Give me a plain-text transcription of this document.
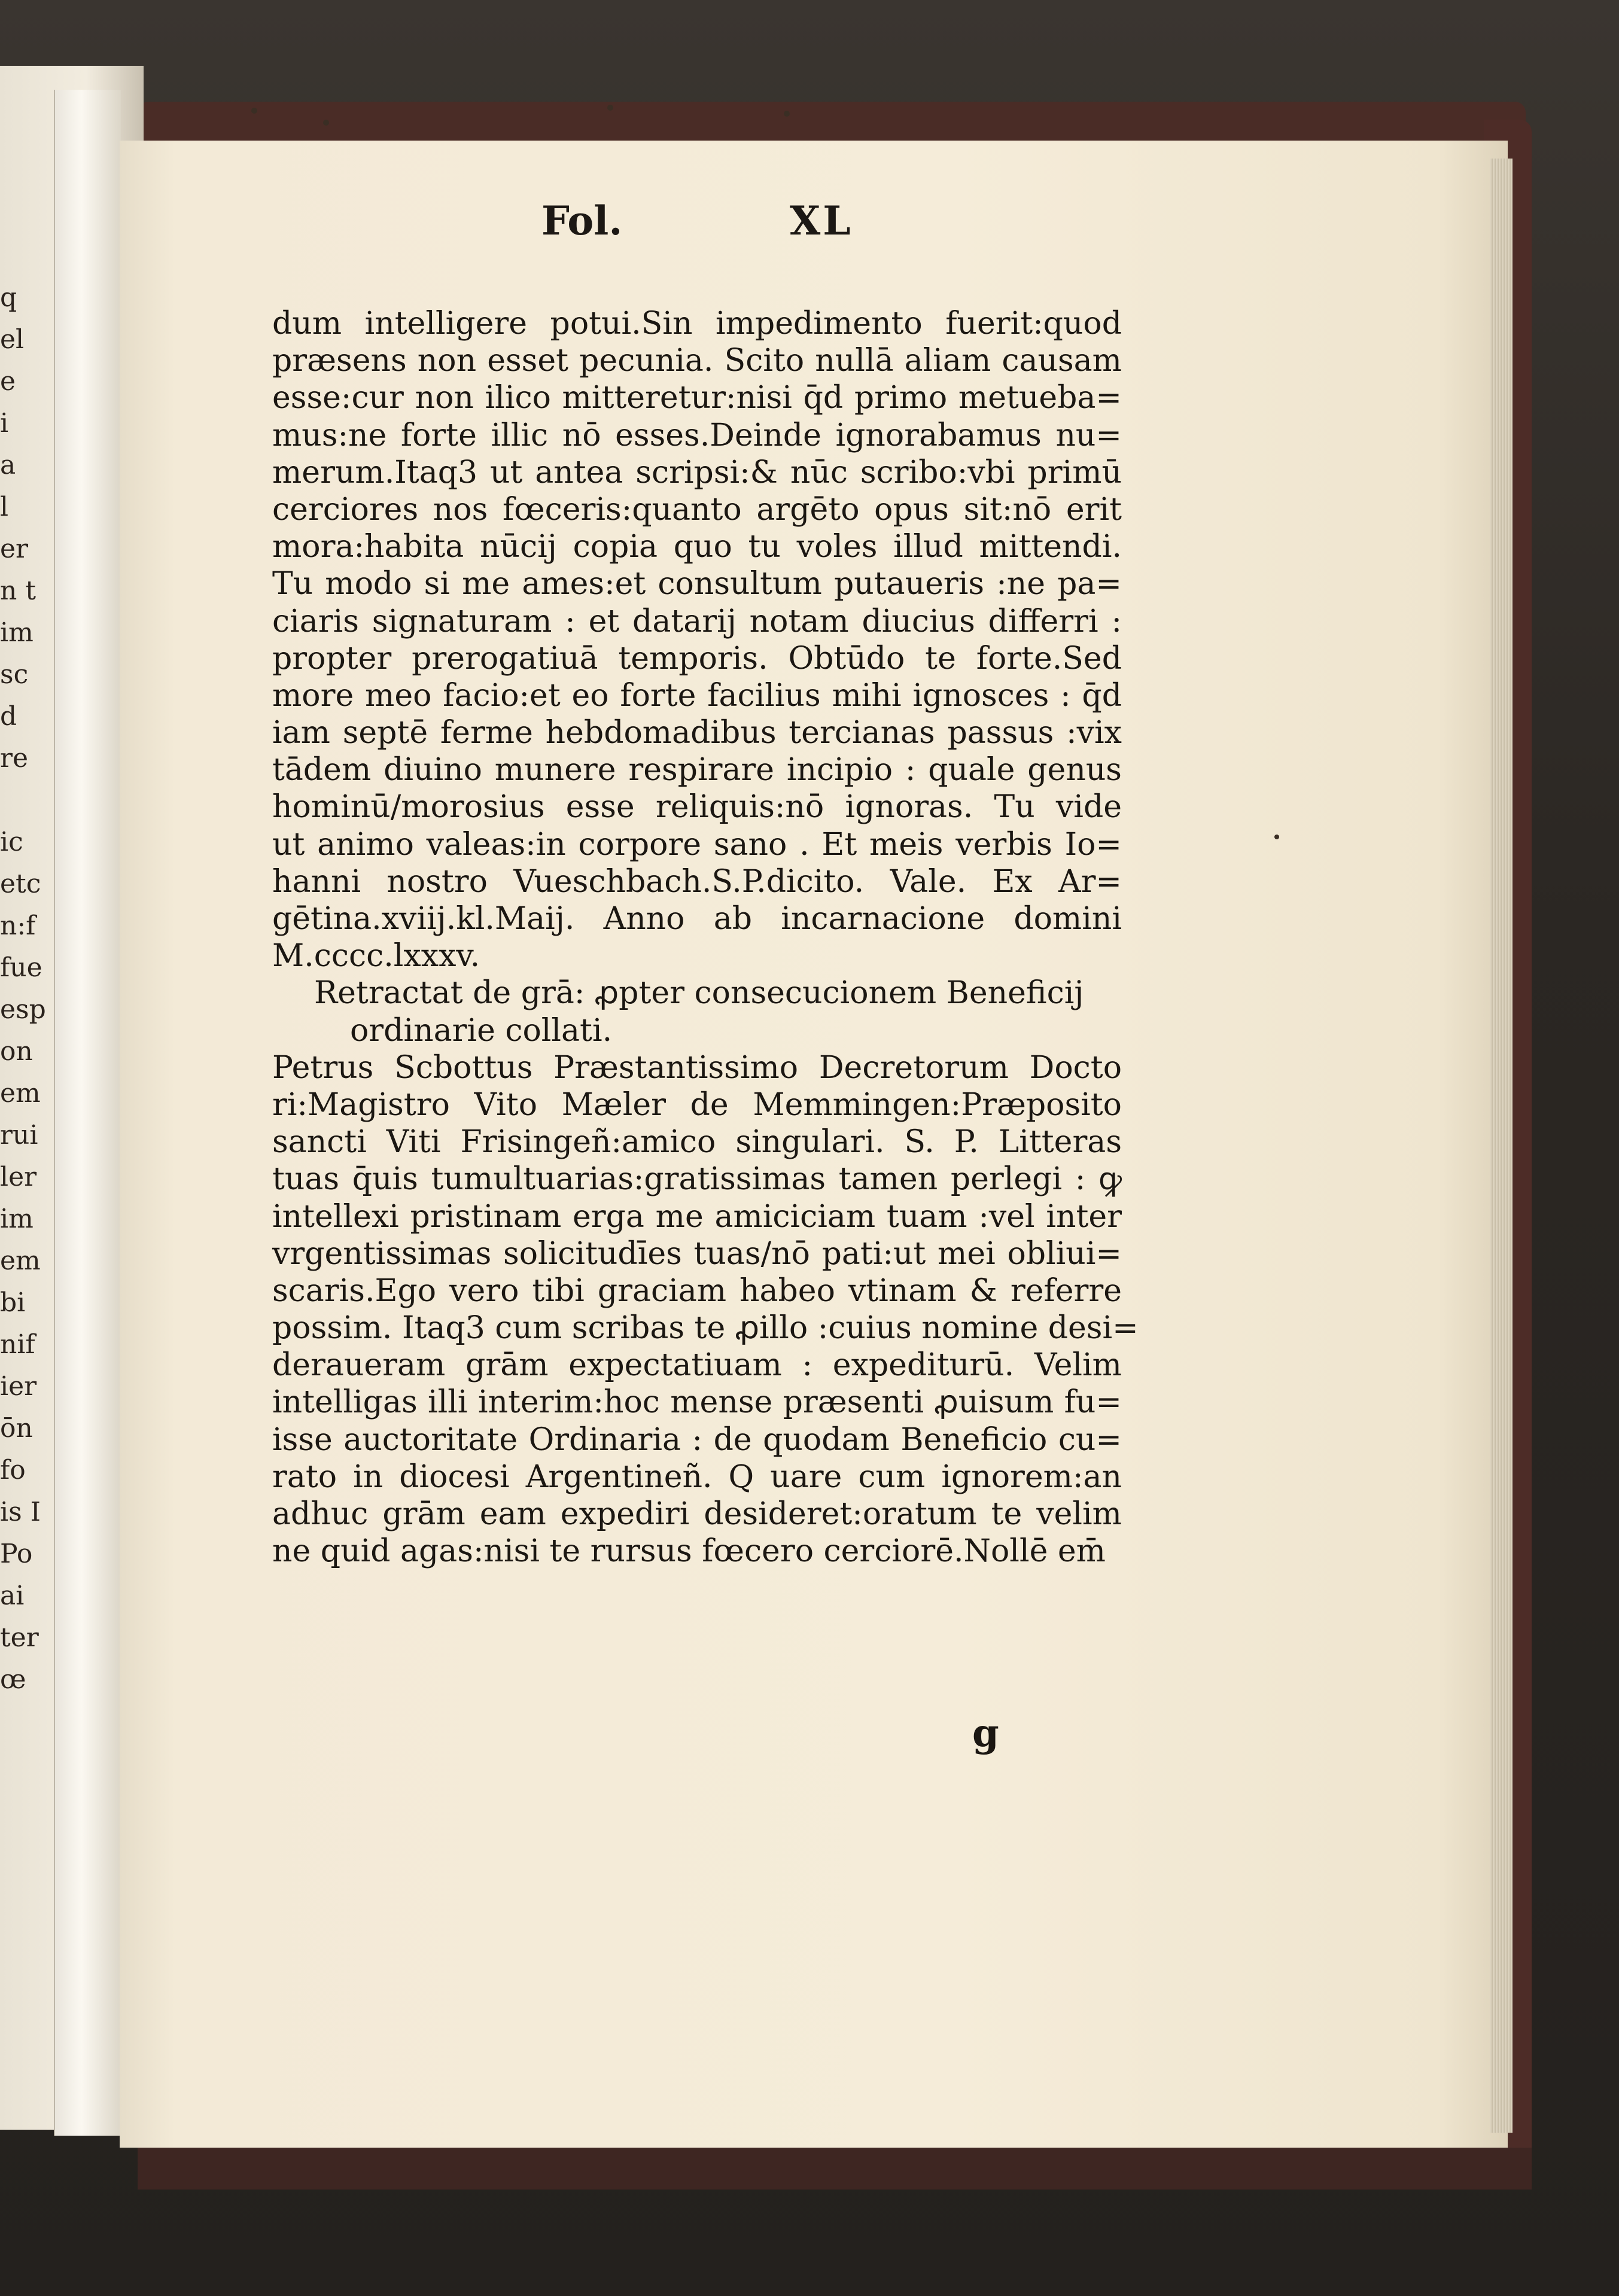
q
el
e
i
a
l
er
n t
im
sc
d
re
ic
etc
n:f
fue
esp
on
em
rui
ler
im
em
bi
nif
ier
ōn
fo
is I
Po
ai
ter
œ
Fol.	XL
dum intelligere potui.Sin impedimento fuerit:quod
præsens non esset pecunia. Scito nullā aliam causam
esse:cur non ilico mitteretur:nisi q̄d primo metueba=
mus:ne forte illic nō esses.Deinde ignorabamus nu=
merum.Itaq3 ut antea scripsi:& nūc scribo:vbi primū
cerciores nos fœceris:quanto argēto opus sit:nō erit
mora:habita nūcij copia quo tu voles illud mittendi.
Tu modo si me ames:et consultum putaueris :ne pa=
ciaris signaturam : et datarij notam diucius differri :
propter prerogatiuā temporis. Obtūdo te forte.Sed
more meo facio:et eo forte facilius mihi ignosces : q̄d
iam septē ferme hebdomadibus tercianas passus :vix
tādem diuino munere respirare incipio : quale genus
hominū/morosius esse reliquis:nō ignoras. Tu vide
ut animo valeas:in corpore sano . Et meis verbis Io=
hanni nostro Vueschbach.S.P.dicito. Vale. Ex Ar=
gētina.xviij.kl.Maij. Anno ab incarnacione domini
M.cccc.lxxxv.
Retractat de grā: ꝓpter consecucionem Beneficij
ordinarie collati.
Petrus Scbottus Præstantissimo Decretorum Docto
ri:Magistro Vito Mæler de Memmingen:Præposito
sancti Viti Frisingeñ:amico singulari. S. P. Litteras
tuas q̄uis tumultuarias:gratissimas tamen perlegi : ꝙ
intellexi pristinam erga me amiciciam tuam :vel inter
vrgentissimas solicitudīes tuas/nō pati:ut mei obliui=
scaris.Ego vero tibi graciam habeo vtinam & referre
possim. Itaq3 cum scribas te ꝓillo :cuius nomine desi=
deraueram grām expectatiuam : expediturū. Velim
intelligas illi interim:hoc mense præsenti ꝓuisum fu=
isse auctoritate Ordinaria : de quodam Beneficio cu=
rato in diocesi Argentineñ. Q uare cum ignorem:an
adhuc grām eam expediri desideret:oratum te velim
ne quid agas:nisi te rursus fœcero cerciorē.Nollē em̄
g
